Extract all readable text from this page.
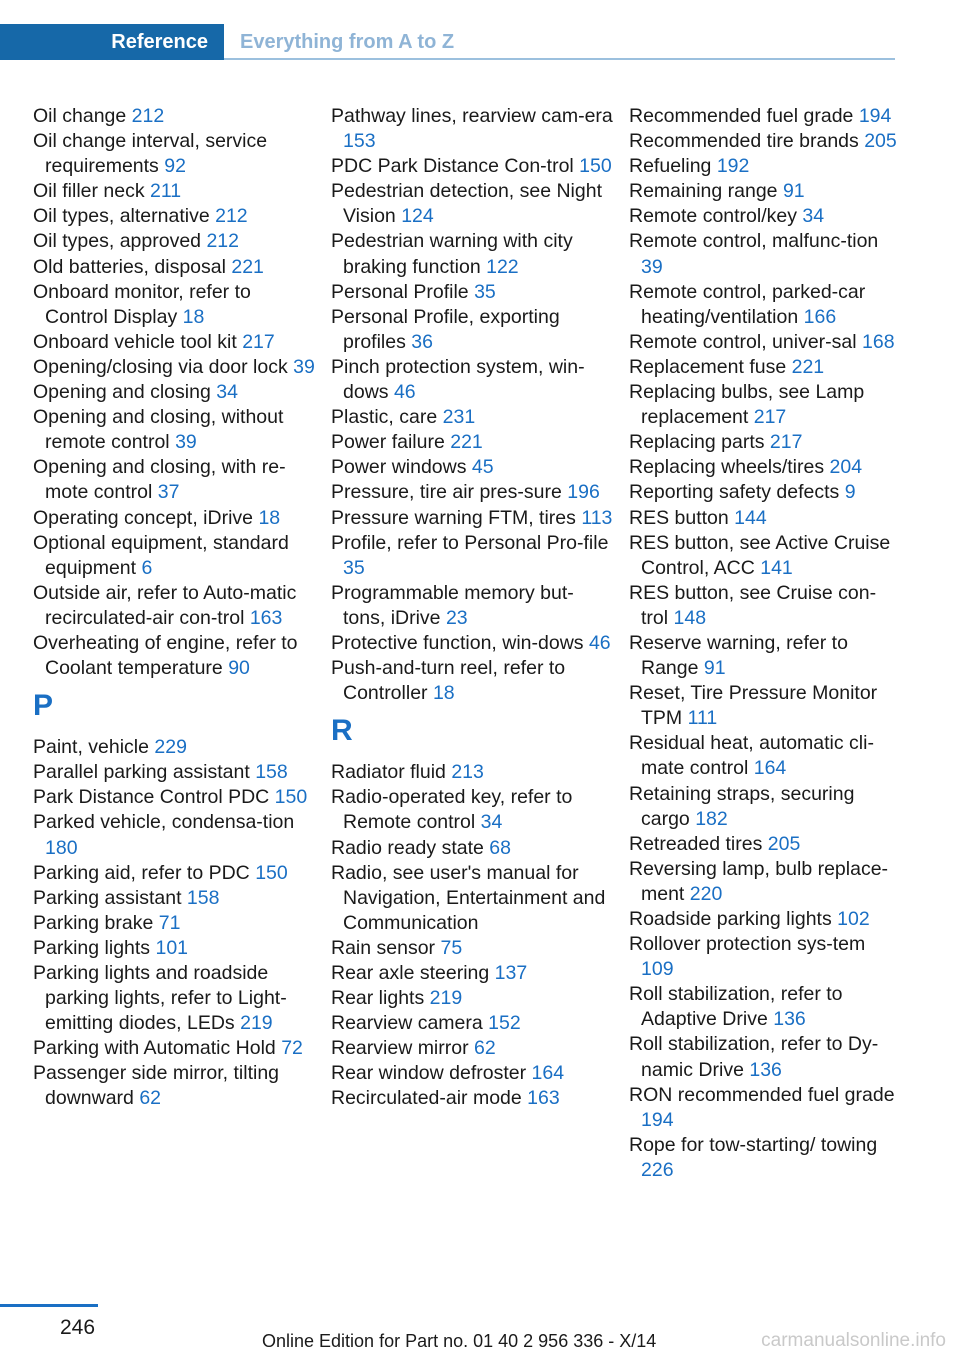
Reference	Everything from A to Z
Oil change 212
Oil change interval, service requirements 92
Oil filler neck 211
Oil types, alternative 212
Oil types, approved 212
Old batteries, disposal 221
Onboard monitor, refer to Control Display 18
Onboard vehicle tool kit 217
Opening/closing via door lock 39
Opening and closing 34
Opening and closing, without remote control 39
Opening and closing, with re‐mote control 37
Operating concept, iDrive 18
Optional equipment, standard equipment 6
Outside air, refer to Auto‐matic recirculated-air con‐trol 163
Overheating of engine, refer to Coolant temperature 90
P
Paint, vehicle 229
Parallel parking assistant 158
Park Distance Control PDC 150
Parked vehicle, condensa‐tion 180
Parking aid, refer to PDC 150
Parking assistant 158
Parking brake 71
Parking lights 101
Parking lights and roadside parking lights, refer to Light-emitting diodes, LEDs 219
Parking with Automatic Hold 72
Passenger side mirror, tilting downward 62
Pathway lines, rearview cam‐era 153
PDC Park Distance Con‐trol 150
Pedestrian detection, see Night Vision 124
Pedestrian warning with city braking function 122
Personal Profile 35
Personal Profile, exporting profiles 36
Pinch protection system, win‐dows 46
Plastic, care 231
Power failure 221
Power windows 45
Pressure, tire air pres‐sure 196
Pressure warning FTM, tires 113
Profile, refer to Personal Pro‐file 35
Programmable memory but‐tons, iDrive 23
Protective function, win‐dows 46
Push-and-turn reel, refer to Controller 18
R
Radiator fluid 213
Radio-operated key, refer to Remote control 34
Radio ready state 68
Radio, see user's manual for Navigation, Entertainment and Communication
Rain sensor 75
Rear axle steering 137
Rear lights 219
Rearview camera 152
Rearview mirror 62
Rear window defroster 164
Recirculated-air mode 163
Recommended fuel grade 194
Recommended tire brands 205
Refueling 192
Remaining range 91
Remote control/key 34
Remote control, malfunc‐tion 39
Remote control, parked-car heating/ventilation 166
Remote control, univer‐sal 168
Replacement fuse 221
Replacing bulbs, see Lamp replacement 217
Replacing parts 217
Replacing wheels/tires 204
Reporting safety defects 9
RES button 144
RES button, see Active Cruise Control, ACC 141
RES button, see Cruise con‐trol 148
Reserve warning, refer to Range 91
Reset, Tire Pressure Monitor TPM 111
Residual heat, automatic cli‐mate control 164
Retaining straps, securing cargo 182
Retreaded tires 205
Reversing lamp, bulb replace‐ment 220
Roadside parking lights 102
Rollover protection sys‐tem 109
Roll stabilization, refer to Adaptive Drive 136
Roll stabilization, refer to Dy‐namic Drive 136
RON recommended fuel grade 194
Rope for tow-starting/ towing 226
246
Online Edition for Part no. 01 40 2 956 336 - X/14	carmanualsonline.info
